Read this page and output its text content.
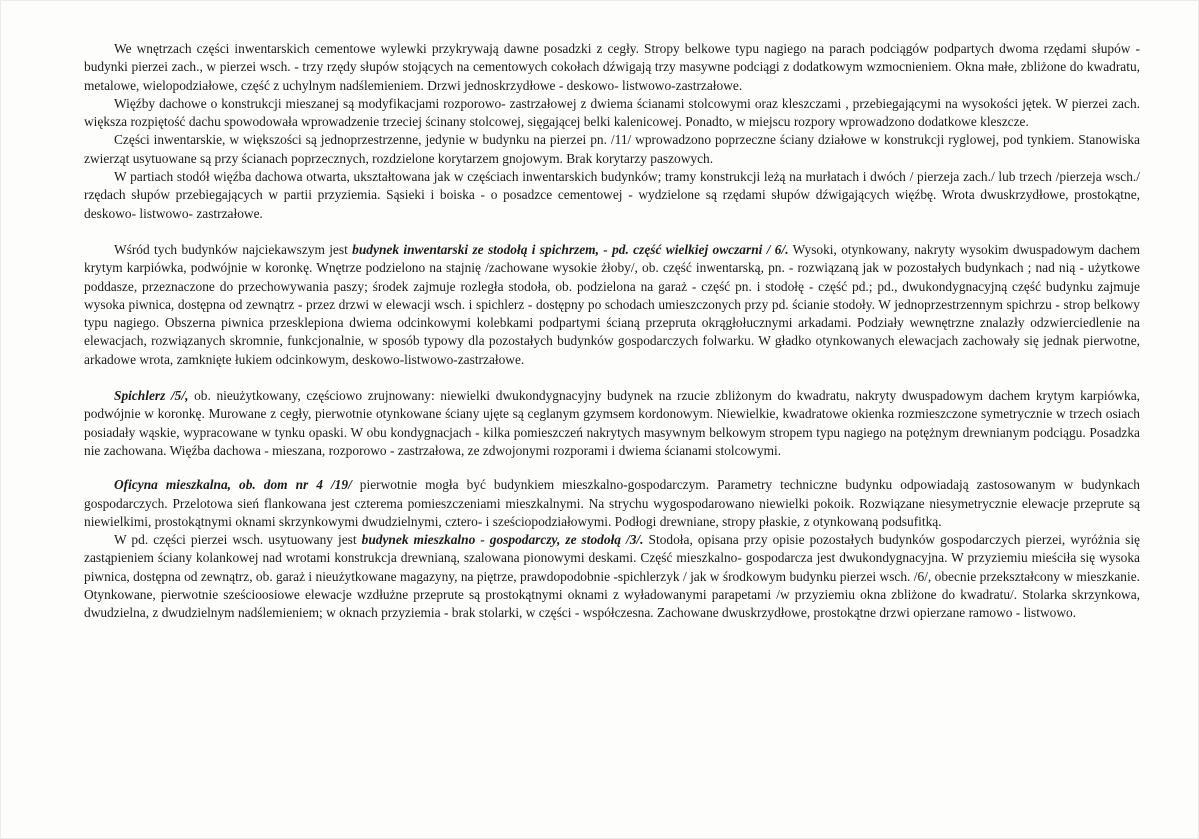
We wnętrzach części inwentarskich cementowe wylewki przykrywają dawne posadzki z cegły. Stropy belkowe typu nagiego na parach podciągów podpartych dwoma rzędami słupów - budynki pierzei zach., w pierzei wsch. - trzy rzędy słupów stojących na cementowych cokołach dźwigają trzy masywne podciągi z dodatkowym wzmocnieniem. Okna małe, zbliżone do kwadratu, metalowe, wielopodziałowe, część z uchylnym nadślemieniem. Drzwi jednoskrzydłowe - deskowo- listwowo-zastrzałowe.

Więźby dachowe o konstrukcji mieszanej są modyfikacjami rozporowo- zastrzałowej z dwiema ścianami stolcowymi oraz kleszczami , przebiegającymi na wysokości jętek. W pierzei zach. większa rozpiętość dachu spowodowała wprowadzenie trzeciej ścinany stolcowej, sięgającej belki kalenicowej. Ponadto, w miejscu rozpory wprowadzono dodatkowe kleszcze.

Części inwentarskie, w większości są jednoprzestrzenne, jedynie w budynku na pierzei pn. /11/ wprowadzono poprzeczne ściany działowe w konstrukcji ryglowej, pod tynkiem. Stanowiska zwierząt usytuowane są przy ścianach poprzecznych, rozdzielone korytarzem gnojowym. Brak korytarzy paszowych.

W partiach stodół więźba dachowa otwarta, ukształtowana jak w częściach inwentarskich budynków; tramy konstrukcji leżą na murłatach i dwóch / pierzeja zach./ lub trzech /pierzeja wsch./ rzędach słupów przebiegających w partii przyziemia. Sąsieki i boiska - o posadzce cementowej - wydzielone są rzędami słupów dźwigających więźbę. Wrota dwuskrzydłowe, prostokątne, deskowo- listwowo- zastrzałowe.

Wśród tych budynków najciekawszym jest budynek inwentarski ze stodołą i spichrzem, - pd. część wielkiej owczarni / 6/. Wysoki, otynkowany, nakryty wysokim dwuspadowym dachem krytym karpiówka, podwójnie w koronkę. Wnętrze podzielono na stajnię /zachowane wysokie żłoby/, ob. część inwentarską, pn. - rozwiązaną jak w pozostałych budynkach ; nad nią - użytkowe poddasze, przeznaczone do przechowywania paszy; środek zajmuje rozległa stodoła, ob. podzielona na garaż - część pn. i stodołę - część pd.; pd., dwukondygnacyjną część budynku zajmuje wysoka piwnica, dostępna od zewnątrz - przez drzwi w elewacji wsch. i spichlerz - dostępny po schodach umieszczonych przy pd. ścianie stodoły. W jednoprzestrzennym spichrzu - strop belkowy typu nagiego. Obszerna piwnica przesklepiona dwiema odcinkowymi kolebkami podpartymi ścianą przepruta okrągłołucznymi arkadami. Podziały wewnętrzne znalazły odzwierciedlenie na elewacjach, rozwiązanych skromnie, funkcjonalnie, w sposób typowy dla pozostałych budynków gospodarczych folwarku. W gładko otynkowanych elewacjach zachowały się jednak pierwotne, arkadowe wrota, zamknięte łukiem odcinkowym, deskowo-listwowo-zastrzałowe.

Spichlerz /5/, ob. nieużytkowany, częściowo zrujnowany: niewielki dwukondygnacyjny budynek na rzucie zbliżonym do kwadratu, nakryty dwuspadowym dachem krytym karpiówka, podwójnie w koronkę. Murowane z cegły, pierwotnie otynkowane ściany ujęte są ceglanym gzymsem kordonowym. Niewielkie, kwadratowe okienka rozmieszczone symetrycznie w trzech osiach posiadały wąskie, wypracowane w tynku opaski. W obu kondygnacjach - kilka pomieszczeń nakrytych masywnym belkowym stropem typu nagiego na potężnym drewnianym podciągu. Posadzka nie zachowana. Więźba dachowa - mieszana, rozporowo - zastrzałowa, ze zdwojonymi rozporami i dwiema ścianami stolcowymi.

Oficyna mieszkalna, ob. dom nr 4 /19/ pierwotnie mogła być budynkiem mieszkalno-gospodarczym. Parametry techniczne budynku odpowiadają zastosowanym w budynkach gospodarczych. Przelotowa sień flankowana jest czterema pomieszczeniami mieszkalnymi. Na strychu wygospodarowano niewielki pokoik. Rozwiązane niesymetrycznie elewacje przeprute są niewielkimi, prostokątnymi oknami skrzynkowymi dwudzielnymi, cztero- i sześciopodziałowymi. Podłogi drewniane, stropy płaskie, z otynkowaną podsufitką.

W pd. części pierzei wsch. usytuowany jest budynek mieszkalno - gospodarczy, ze stodołą /3/. Stodoła, opisana przy opisie pozostałych budynków gospodarczych pierzei, wyróżnia się zastąpieniem ściany kolankowej nad wrotami konstrukcja drewnianą, szalowana pionowymi deskami. Część mieszkalno- gospodarcza jest dwukondygnacyjna. W przyziemiu mieściła się wysoka piwnica, dostępna od zewnątrz, ob. garaż i nieużytkowane magazyny, na piętrze, prawdopodobnie -spichlerzyk / jak w środkowym budynku pierzei wsch. /6/, obecnie przekształcony w mieszkanie. Otynkowane, pierwotnie sześcioosiowe elewacje wzdłużne przeprute są prostokątnymi oknami z wyładowanymi parapetami /w przyziemiu okna zbliżone do kwadratu/. Stolarka skrzynkowa, dwudzielna, z dwudzielnym nadślemieniem; w oknach przyziemia - brak stolarki, w części - współczesna. Zachowane dwuskrzydłowe, prostokątne drzwi opierzane ramowo - listwowo.
